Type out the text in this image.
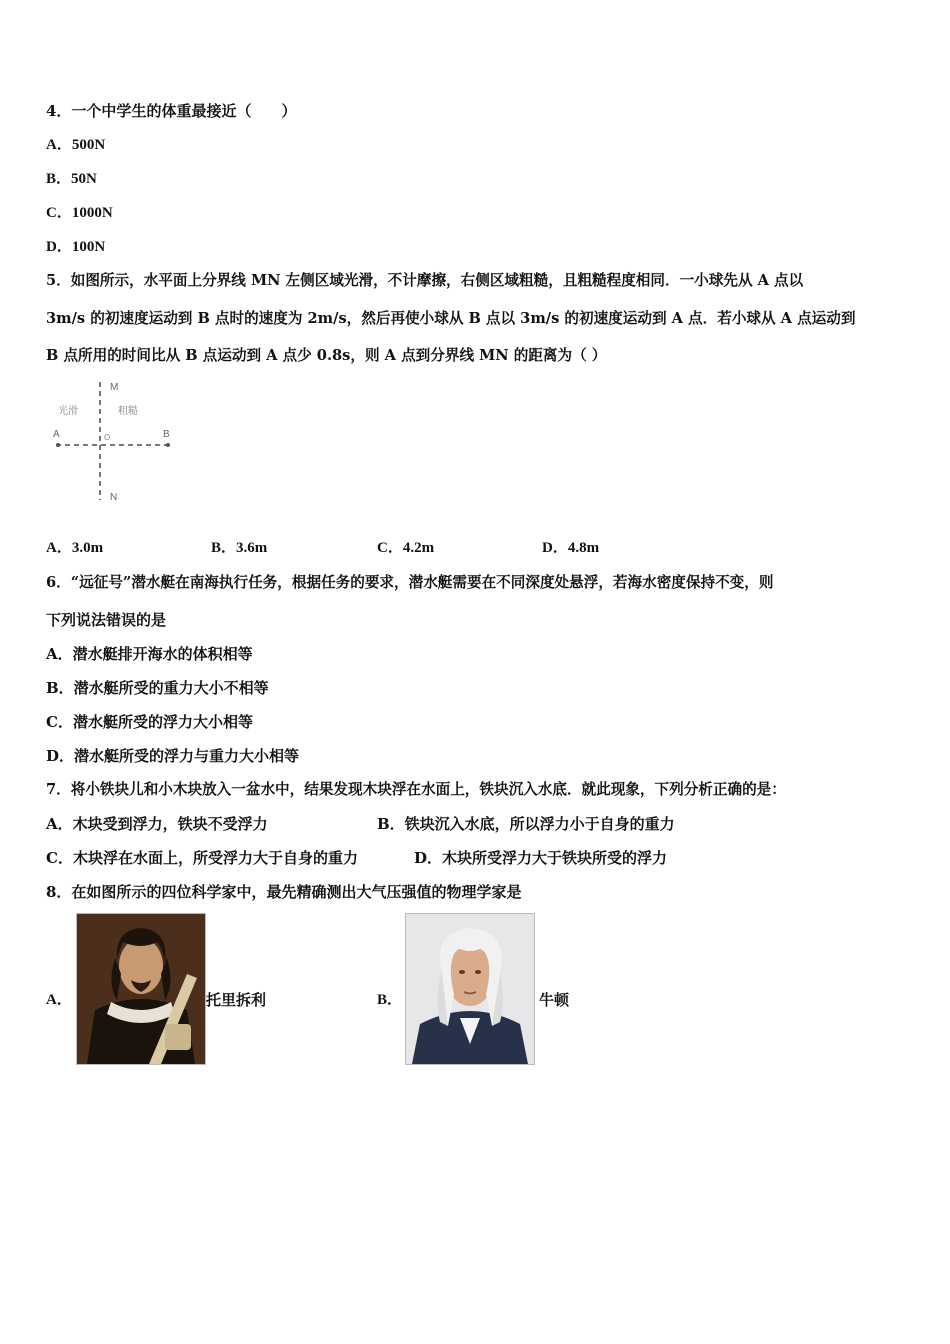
4．一个中学生的体重最接近（　　）
A．500N
B．50N
C．1000N
D．100N
5．如图所示，水平面上分界线 MN 左侧区域光滑，不计摩擦，右侧区域粗糙，且粗糙程度相同．一小球先从 A 点以
3m/s 的初速度运动到 B 点时的速度为 2m/s，然后再使小球从 B 点以 3m/s 的初速度运动到 A 点．若小球从 A 点运动到
B 点所用的时间比从 B 点运动到 A 点少 0.8s，则 A 点到分界线 MN 的距离为（ ）
M
N
A	B
O
光滑	粗糙
A．3.0m	B．3.6m	C．4.2m	D．4.8m
6．“远征号”潜水艇在南海执行任务，根据任务的要求，潜水艇需要在不同深度处悬浮，若海水密度保持不变，则
下列说法错误的是
A．潜水艇排开海水的体积相等
B．潜水艇所受的重力大小不相等
C．潜水艇所受的浮力大小相等
D．潜水艇所受的浮力与重力大小相等
7．将小铁块儿和小木块放入一盆水中，结果发现木块浮在水面上，铁块沉入水底．就此现象，下列分析正确的是：
A．木块受到浮力，铁块不受浮力	B．铁块沉入水底，所以浮力小于自身的重力
C．木块浮在水面上，所受浮力大于自身的重力	D．木块所受浮力大于铁块所受的浮力
8．在如图所示的四位科学家中，最先精确测出大气压强值的物理学家是
A．	托里拆利	B．	牛顿
